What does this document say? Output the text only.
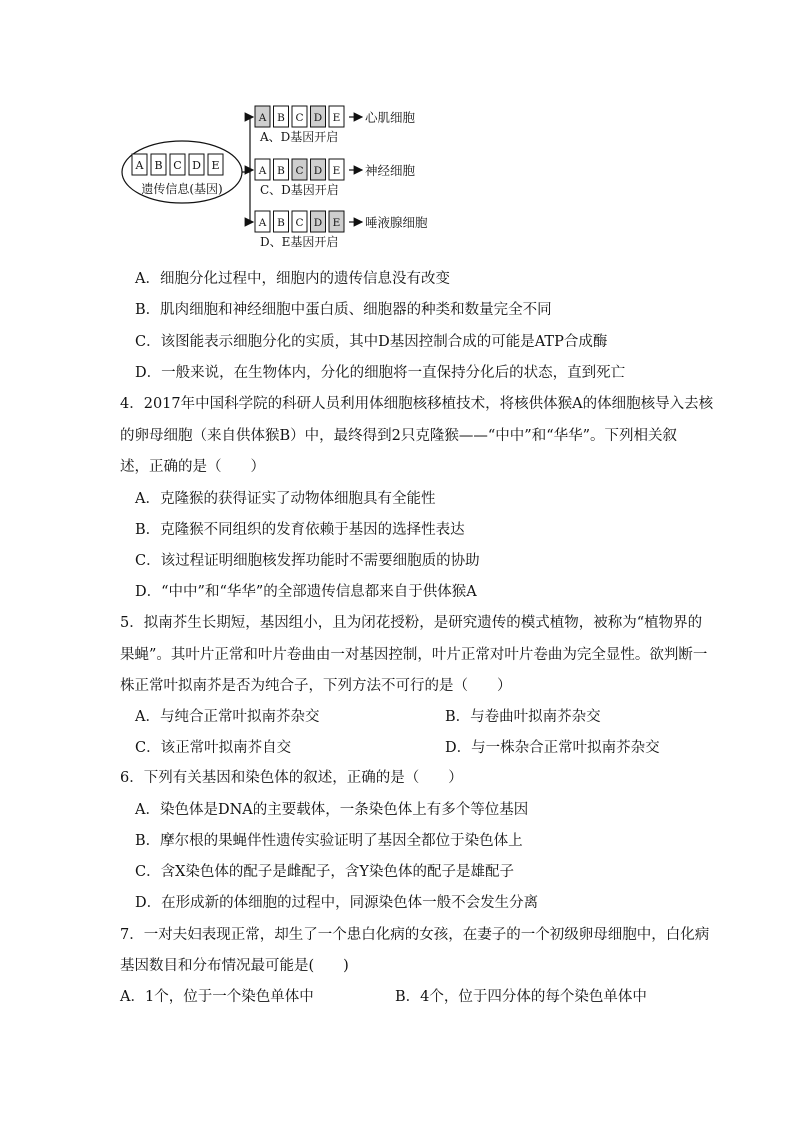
A B C D E
遗传信息(基因)
A B C D E 心肌细胞
A、D基因开启
A B C D E 神经细胞
C、D基因开启
A B C D E 唾液腺细胞
D、E基因开启
A．细胞分化过程中，细胞内的遗传信息没有改变
B．肌肉细胞和神经细胞中蛋白质、细胞器的种类和数量完全不同
C．该图能表示细胞分化的实质，其中D基因控制合成的可能是ATP合成酶
D．一般来说，在生物体内，分化的细胞将一直保持分化后的状态，直到死亡
4．2017年中国科学院的科研人员利用体细胞核移植技术，将核供体猴A的体细胞核导入去核
的卵母细胞（来自供体猴B）中，最终得到2只克隆猴——“中中”和“华华”。下列相关叙
述，正确的是（　　）
A．克隆猴的获得证实了动物体细胞具有全能性
B．克隆猴不同组织的发育依赖于基因的选择性表达
C．该过程证明细胞核发挥功能时不需要细胞质的协助
D．“中中”和“华华”的全部遗传信息都来自于供体猴A
5．拟南芥生长期短，基因组小，且为闭花授粉，是研究遗传的模式植物，被称为“植物界的
果蝇”。其叶片正常和叶片卷曲由一对基因控制，叶片正常对叶片卷曲为完全显性。欲判断一
株正常叶拟南芥是否为纯合子，下列方法不可行的是（　　）
A．与纯合正常叶拟南芥杂交	B．与卷曲叶拟南芥杂交
C．该正常叶拟南芥自交	D．与一株杂合正常叶拟南芥杂交
6．下列有关基因和染色体的叙述，正确的是（　　）
A．染色体是DNA的主要载体，一条染色体上有多个等位基因
B．摩尔根的果蝇伴性遗传实验证明了基因全都位于染色体上
C．含X染色体的配子是雌配子，含Y染色体的配子是雄配子
D．在形成新的体细胞的过程中，同源染色体一般不会发生分离
7．一对夫妇表现正常，却生了一个患白化病的女孩，在妻子的一个初级卵母细胞中，白化病
基因数目和分布情况最可能是(　　)
A．1个，位于一个染色单体中	B．4个，位于四分体的每个染色单体中
